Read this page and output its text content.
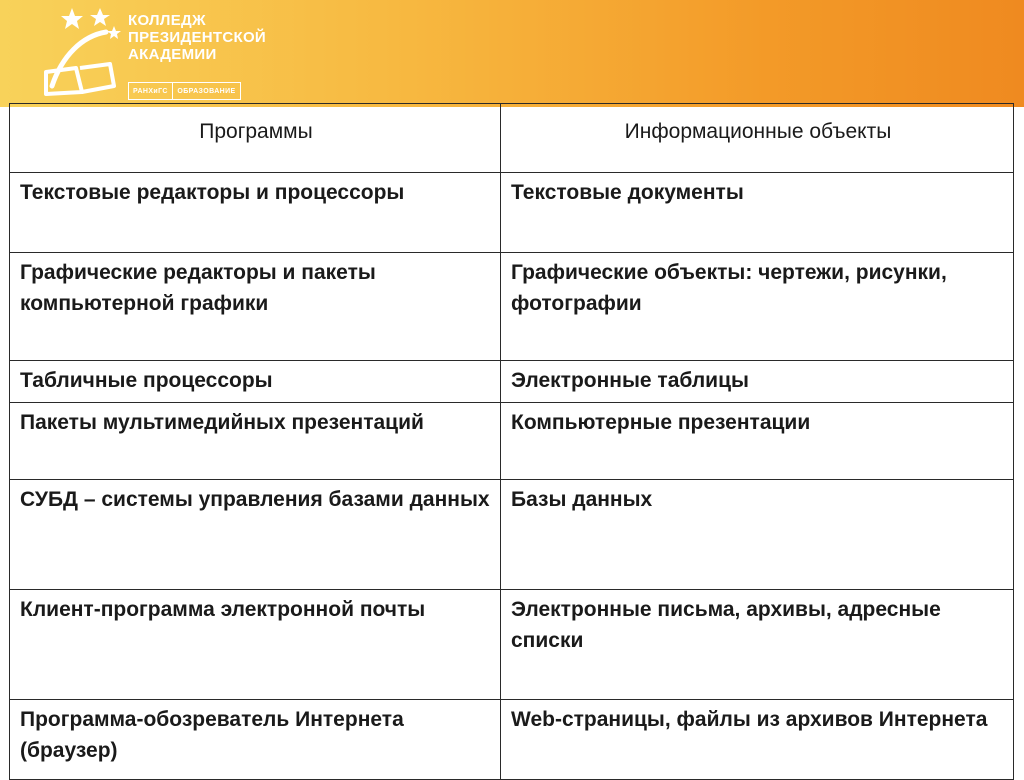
КОЛЛЕДЖ
ПРЕЗИДЕНТСКОЙ
АКАДЕМИИ
РАНХиГС	ОБРАЗОВАНИЕ
Программы	Информационные объекты
Текстовые редакторы и процессоры	Текстовые документы
Графические редакторы и пакеты компьютерной графики	Графические объекты: чертежи, рисунки, фотографии
Табличные процессоры	Электронные таблицы
Пакеты мультимедийных презентаций	Компьютерные презентации
СУБД – системы управления базами данных	Базы данных
Клиент-программа электронной почты	Электронные письма, архивы, адресные списки
Программа-обозреватель Интернета (браузер)	Web-страницы, файлы из архивов Интернета
